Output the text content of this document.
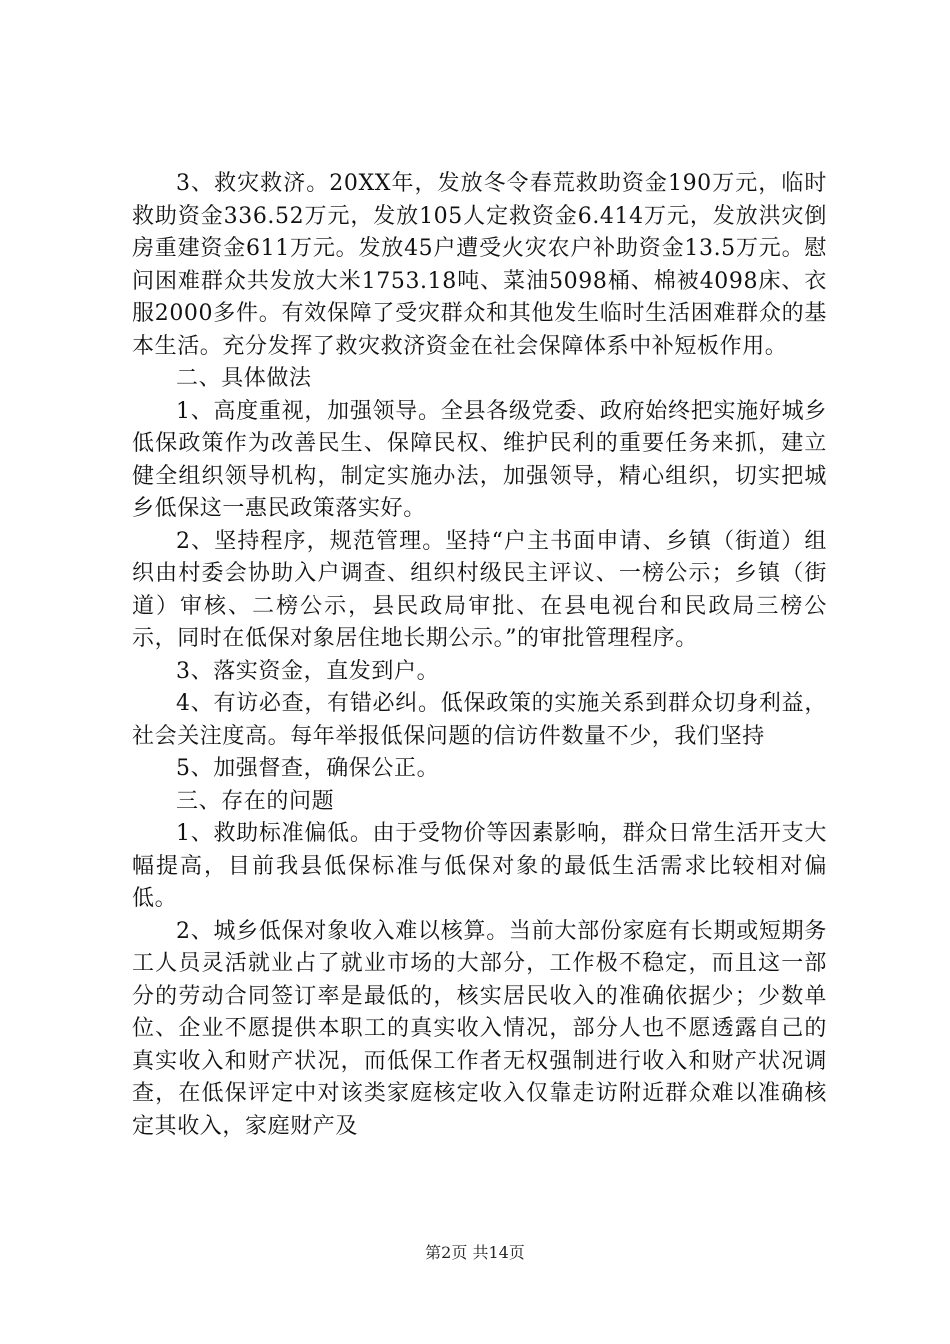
3、救灾救济。20XX年，发放冬令春荒救助资金190万元，临时救助资金336.52万元，发放105人定救资金6.414万元，发放洪灾倒房重建资金611万元。发放45户遭受火灾农户补助资金13.5万元。慰问困难群众共发放大米1753.18吨、菜油5098桶、棉被4098床、衣服2000多件。有效保障了受灾群众和其他发生临时生活困难群众的基本生活。充分发挥了救灾救济资金在社会保障体系中补短板作用。

二、具体做法

1、高度重视，加强领导。全县各级党委、政府始终把实施好城乡低保政策作为改善民生、保障民权、维护民利的重要任务来抓，建立健全组织领导机构，制定实施办法，加强领导，精心组织，切实把城乡低保这一惠民政策落实好。

2、坚持程序，规范管理。坚持“户主书面申请、乡镇（街道）组织由村委会协助入户调查、组织村级民主评议、一榜公示；乡镇（街道）审核、二榜公示，县民政局审批、在县电视台和民政局三榜公示，同时在低保对象居住地长期公示。”的审批管理程序。

3、落实资金，直发到户。

4、有访必查，有错必纠。低保政策的实施关系到群众切身利益，社会关注度高。每年举报低保问题的信访件数量不少，我们坚持

5、加强督查，确保公正。

三、存在的问题

1、救助标准偏低。由于受物价等因素影响，群众日常生活开支大幅提高，目前我县低保标准与低保对象的最低生活需求比较相对偏低。

2、城乡低保对象收入难以核算。当前大部份家庭有长期或短期务工人员灵活就业占了就业市场的大部分，工作极不稳定，而且这一部分的劳动合同签订率是最低的，核实居民收入的准确依据少；少数单位、企业不愿提供本职工的真实收入情况，部分人也不愿透露自己的真实收入和财产状况，而低保工作者无权强制进行收入和财产状况调查，在低保评定中对该类家庭核定收入仅靠走访附近群众难以准确核定其收入，家庭财产及

第2页 共14页
